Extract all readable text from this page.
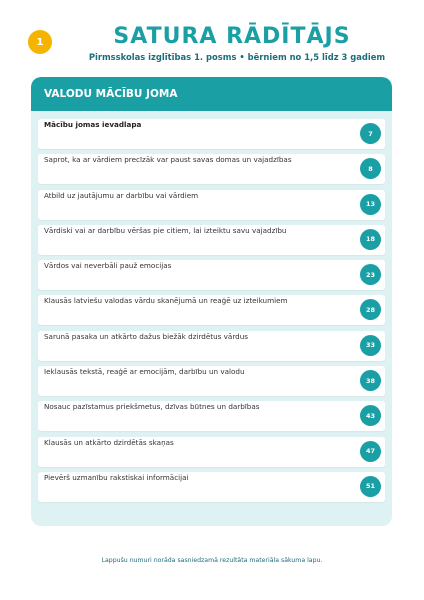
1	SATURA RĀDĪTĀJS
Pirmsskolas izglītības 1. posms • bērniem no 1,5 līdz 3 gadiem
VALODU MĀCĪBU JOMA
Mācību jomas ievadlapa
7
Saprot, ka ar vārdiem precīzāk var paust savas domas un vajadzības
8
Atbild uz jautājumu ar darbību vai vārdiem
13
Vārdiski vai ar darbību vēršas pie citiem, lai izteiktu savu vajadzību
18
Vārdos vai neverbāli pauž emocijas
23
Klausās latviešu valodas vārdu skanējumā un reaģē uz izteikumiem
28
Sarunā pasaka un atkārto dažus biežāk dzirdētus vārdus
33
Ieklausās tekstā, reaģē ar emocijām, darbību un valodu
38
Nosauc pazīstamus priekšmetus, dzīvas būtnes un darbības
43
Klausās un atkārto dzirdētās skaņas
47
Pievērš uzmanību rakstiskai informācijai
51
Lappušu numuri norāda sasniedzamā rezultāta materiāla sākuma lapu.
